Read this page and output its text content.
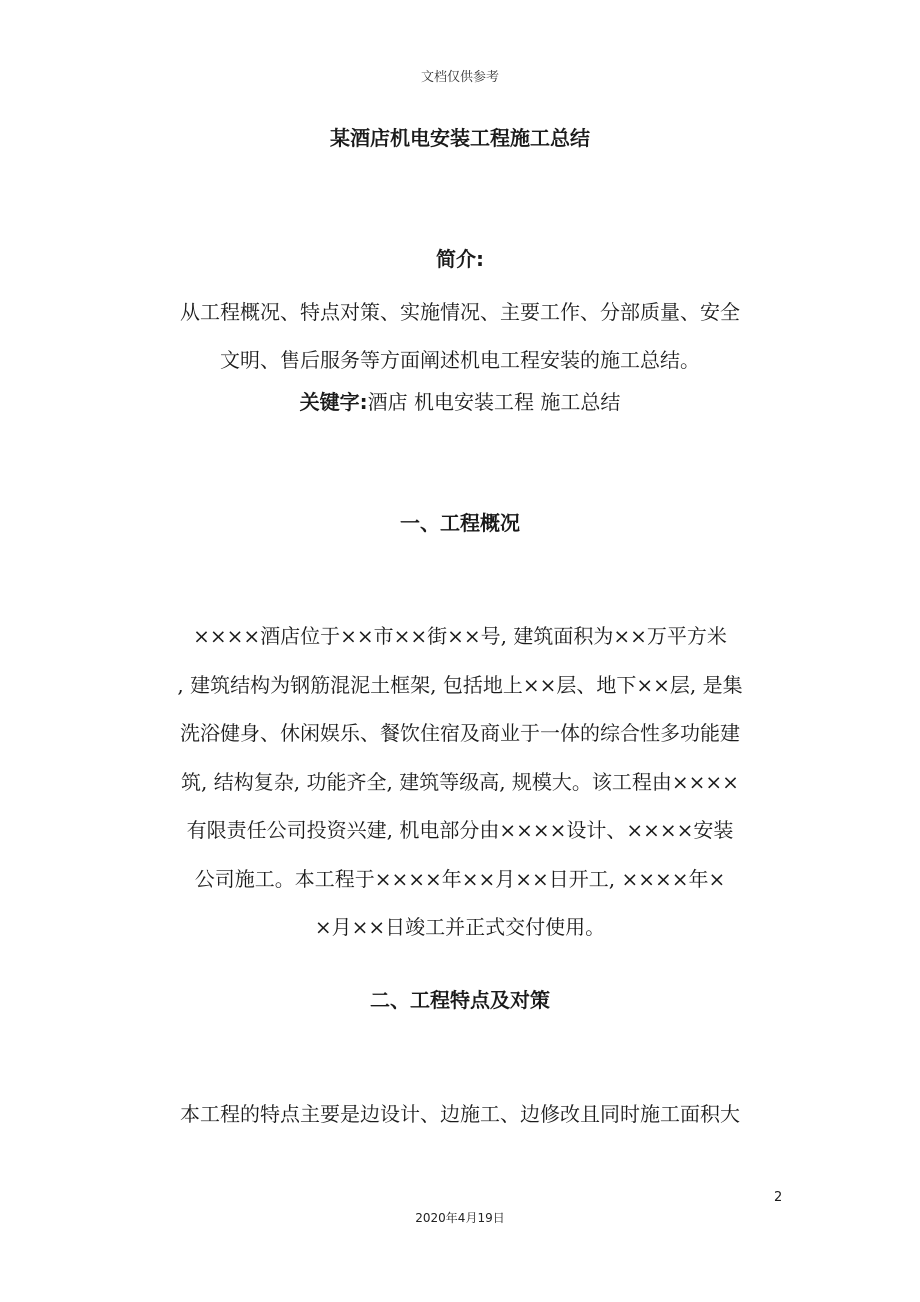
文档仅供参考
某酒店机电安装工程施工总结
简介:

从工程概况、特点对策、实施情况、主要工作、分部质量、安全

文明、售后服务等方面阐述机电工程安装的施工总结。

关键字:酒店 机电安装工程 施工总结
一、工程概况

××××酒店位于××市××街××号, 建筑面积为××万平方米

, 建筑结构为钢筋混泥土框架, 包括地上××层、地下××层, 是集

洗浴健身、休闲娱乐、餐饮住宿及商业于一体的综合性多功能建

筑, 结构复杂, 功能齐全, 建筑等级高, 规模大。该工程由××××

有限责任公司投资兴建, 机电部分由××××设计、××××安装

公司施工。本工程于××××年××月××日开工, ××××年×

×月××日竣工并正式交付使用。

二、工程特点及对策

本工程的特点主要是边设计、边施工、边修改且同时施工面积大

2
2020年4月19日
